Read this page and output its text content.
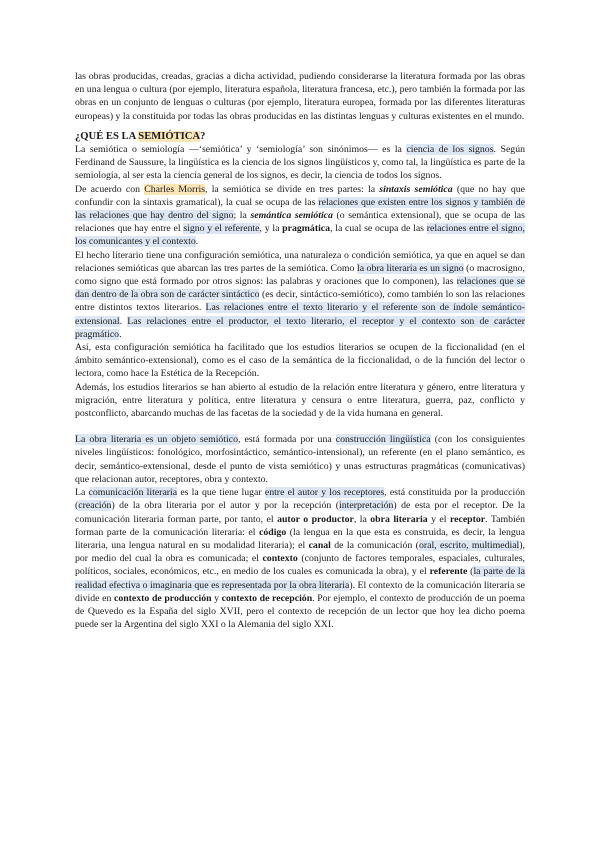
las obras producidas, creadas, gracias a dicha actividad, pudiendo considerarse la literatura formada por las obras en una lengua o cultura (por ejemplo, literatura española, literatura francesa, etc.), pero también la formada por las obras en un conjunto de lenguas o culturas (por ejemplo, literatura europea, formada por las diferentes literaturas europeas) y la constituida por todas las obras producidas en las distintas lenguas y culturas existentes en el mundo.

¿QUÉ ES LA SEMIÓTICA?

La semiótica o semiología —‘semiótica’ y ‘semiología’ son sinónimos— es la ciencia de los signos. Según Ferdinand de Saussure, la lingüística es la ciencia de los signos lingüísticos y, como tal, la lingüística es parte de la semiología, al ser esta la ciencia general de los signos, es decir, la ciencia de todos los signos.

De acuerdo con Charles Morris, la semiótica se divide en tres partes: la sintaxis semiótica (que no hay que confundir con la sintaxis gramatical), la cual se ocupa de las relaciones que existen entre los signos y también de las relaciones que hay dentro del signo; la semántica semiótica (o semántica extensional), que se ocupa de las relaciones que hay entre el signo y el referente, y la pragmática, la cual se ocupa de las relaciones entre el signo, los comunicantes y el contexto.

El hecho literario tiene una configuración semiótica, una naturaleza o condición semiótica, ya que en aquel se dan relaciones semióticas que abarcan las tres partes de la semiótica. Como la obra literaria es un signo (o macrosigno, como signo que está formado por otros signos: las palabras y oraciones que lo componen), las relaciones que se dan dentro de la obra son de carácter sintáctico (es decir, sintáctico-semiótico), como también lo son las relaciones entre distintos textos literarios. Las relaciones entre el texto literario y el referente son de índole semántico-extensional. Las relaciones entre el productor, el texto literario, el receptor y el contexto son de carácter pragmático.

Así, esta configuración semiótica ha facilitado que los estudios literarios se ocupen de la ficcionalidad (en el ámbito semántico-extensional), como es el caso de la semántica de la ficcionalidad, o de la función del lector o lectora, como hace la Estética de la Recepción.

Además, los estudios literarios se han abierto al estudio de la relación entre literatura y género, entre literatura y migración, entre literatura y política, entre literatura y censura o entre literatura, guerra, paz, conflicto y postconflicto, abarcando muchas de las facetas de la sociedad y de la vida humana en general.

La obra literaria es un objeto semiótico, está formada por una construcción lingüística (con los consiguientes niveles lingüísticos: fonológico, morfosintáctico, semántico-intensional), un referente (en el plano semántico, es decir, semántico-extensional, desde el punto de vista semiótico) y unas estructuras pragmáticas (comunicativas) que relacionan autor, receptores, obra y contexto.

La comunicación literaria es la que tiene lugar entre el autor y los receptores, está constituida por la producción (creación) de la obra literaria por el autor y por la recepción (interpretación) de esta por el receptor. De la comunicación literaria forman parte, por tanto, el autor o productor, la obra literaria y el receptor. También forman parte de la comunicación literaria: el código (la lengua en la que esta es construida, es decir, la lengua literaria, una lengua natural en su modalidad literaria); el canal de la comunicación (oral, escrito, multimedial), por medio del cual la obra es comunicada; el contexto (conjunto de factores temporales, espaciales, culturales, políticos, sociales, económicos, etc., en medio de los cuales es comunicada la obra), y el referente (la parte de la realidad efectiva o imaginaria que es representada por la obra literaria). El contexto de la comunicación literaria se divide en contexto de producción y contexto de recepción. Por ejemplo, el contexto de producción de un poema de Quevedo es la España del siglo XVII, pero el contexto de recepción de un lector que hoy lea dicho poema puede ser la Argentina del siglo XXI o la Alemania del siglo XXI.
